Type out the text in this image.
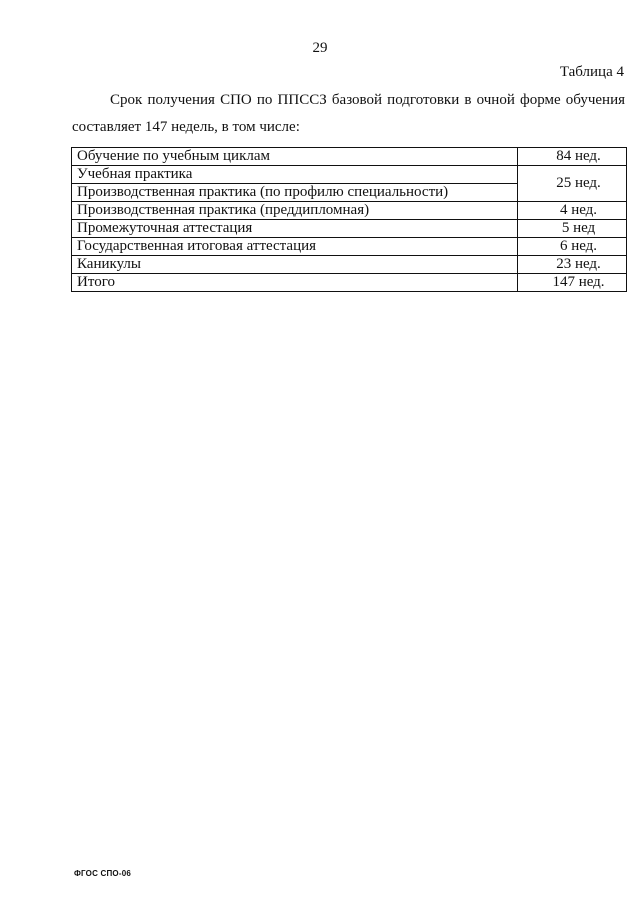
29
Таблица 4
Срок получения СПО по ППССЗ базовой подготовки в очной форме обучения составляет 147 недель, в том числе:
Обучение по учебным циклам	84 нед.
Учебная практика	25 нед.
Производственная практика (по профилю специальности)	
Производственная практика (преддипломная)	4 нед.
Промежуточная аттестация	5 нед
Государственная итоговая аттестация	6 нед.
Каникулы	23 нед.
Итого	147 нед.
ФГОС СПО-06
